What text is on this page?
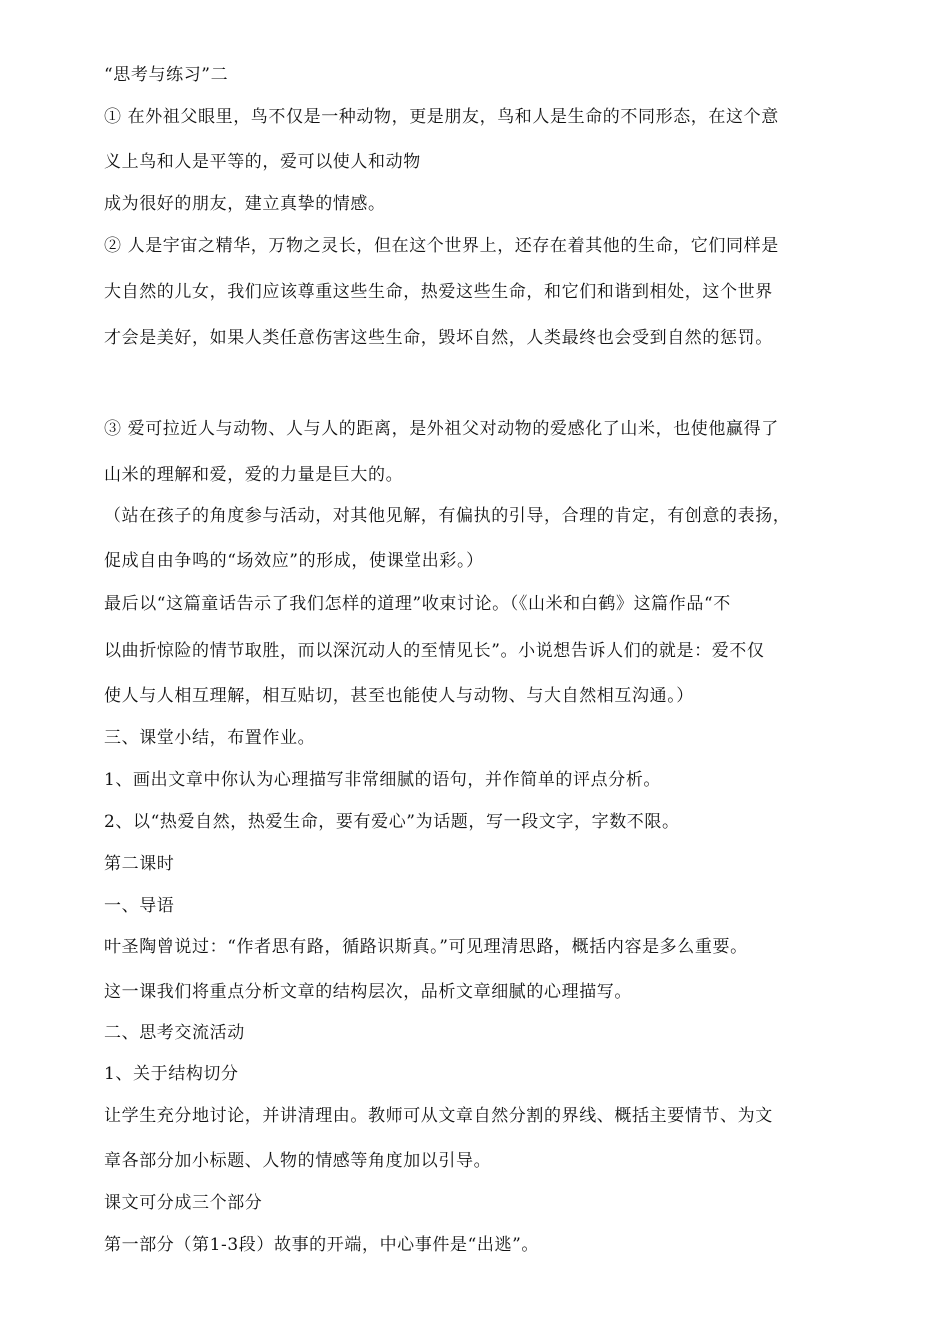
“思考与练习”二
① 在外祖父眼里，鸟不仅是一种动物，更是朋友，鸟和人是生命的不同形态，在这个意
义上鸟和人是平等的，爱可以使人和动物
成为很好的朋友，建立真挚的情感。
② 人是宇宙之精华，万物之灵长，但在这个世界上，还存在着其他的生命，它们同样是
大自然的儿女，我们应该尊重这些生命，热爱这些生命，和它们和谐到相处，这个世界
才会是美好，如果人类任意伤害这些生命，毁坏自然，人类最终也会受到自然的惩罚。
③ 爱可拉近人与动物、人与人的距离，是外祖父对动物的爱感化了山米，也使他赢得了
山米的理解和爱，爱的力量是巨大的。
（站在孩子的角度参与活动，对其他见解，有偏执的引导，合理的肯定，有创意的表扬，
促成自由争鸣的“场效应”的形成，使课堂出彩。）
最后以“这篇童话告示了我们怎样的道理”收束讨论。（《山米和白鹤》这篇作品“不
以曲折惊险的情节取胜，而以深沉动人的至情见长”。小说想告诉人们的就是：爱不仅
使人与人相互理解，相互贴切，甚至也能使人与动物、与大自然相互沟通。）
三、课堂小结，布置作业。
1、画出文章中你认为心理描写非常细腻的语句，并作简单的评点分析。
2、以“热爱自然，热爱生命，要有爱心”为话题，写一段文字，字数不限。
第二课时
一、导语
叶圣陶曾说过：“作者思有路，循路识斯真。”可见理清思路，概括内容是多么重要。
这一课我们将重点分析文章的结构层次，品析文章细腻的心理描写。
二、思考交流活动
1、关于结构切分
让学生充分地讨论，并讲清理由。教师可从文章自然分割的界线、概括主要情节、为文
章各部分加小标题、人物的情感等角度加以引导。
课文可分成三个部分
第一部分（第1-3段）故事的开端，中心事件是“出逃”。
